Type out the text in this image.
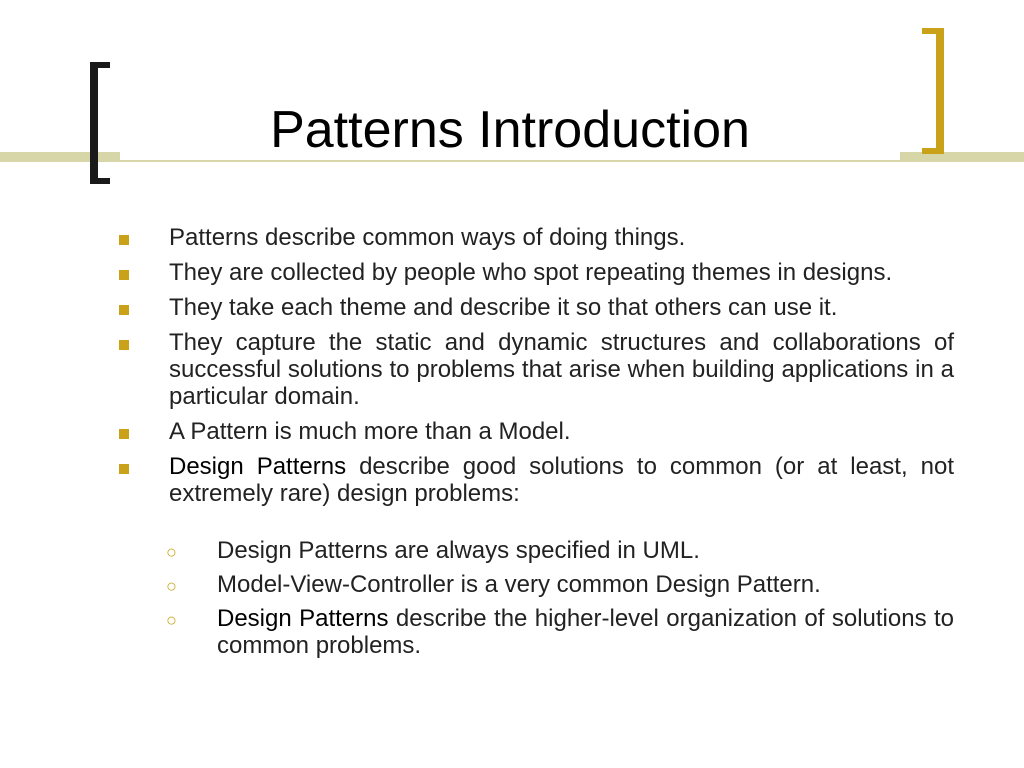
Patterns Introduction
Patterns describe common ways of doing things.
They are collected by people who spot repeating themes in designs.
They take each theme and describe it so that others can use it.
They capture the static and dynamic structures and collaborations of successful solutions to problems that arise when building applications in a particular domain.
A Pattern is much more than a Model.
Design Patterns describe good solutions to common (or at least, not extremely rare) design problems:
○ Design Patterns are always specified in UML.
○ Model-View-Controller is a very common Design Pattern.
○ Design Patterns describe the higher-level organization of solutions to common problems.
